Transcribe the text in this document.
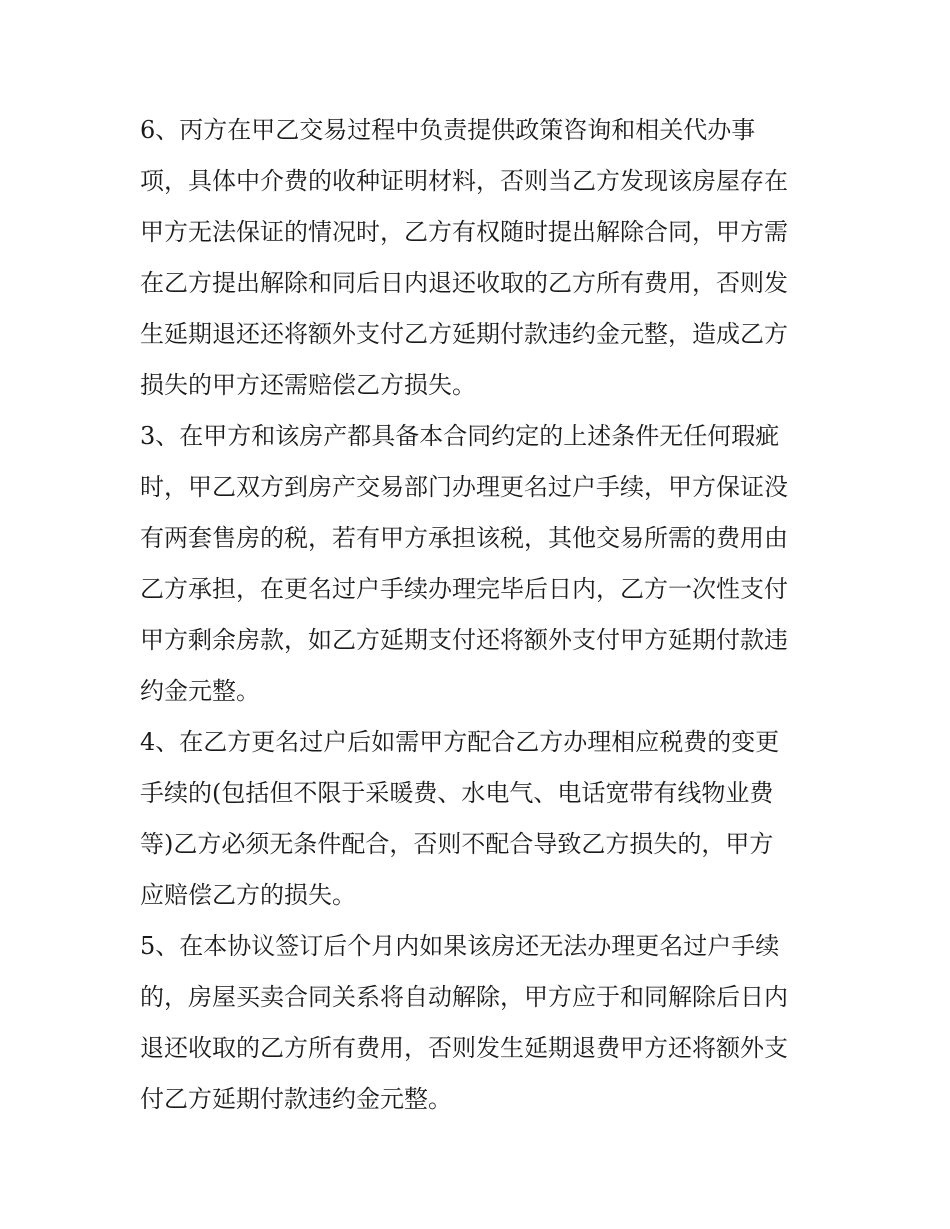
6、丙方在甲乙交易过程中负责提供政策咨询和相关代办事
项，具体中介费的收种证明材料，否则当乙方发现该房屋存在
甲方无法保证的情况时，乙方有权随时提出解除合同，甲方需
在乙方提出解除和同后日内退还收取的乙方所有费用，否则发
生延期退还还将额外支付乙方延期付款违约金元整，造成乙方
损失的甲方还需赔偿乙方损失。
3、在甲方和该房产都具备本合同约定的上述条件无任何瑕疵
时，甲乙双方到房产交易部门办理更名过户手续，甲方保证没
有两套售房的税，若有甲方承担该税，其他交易所需的费用由
乙方承担，在更名过户手续办理完毕后日内，乙方一次性支付
甲方剩余房款，如乙方延期支付还将额外支付甲方延期付款违
约金元整。
4、在乙方更名过户后如需甲方配合乙方办理相应税费的变更
手续的(包括但不限于采暖费、水电气、电话宽带有线物业费
等)乙方必须无条件配合，否则不配合导致乙方损失的，甲方
应赔偿乙方的损失。
5、在本协议签订后个月内如果该房还无法办理更名过户手续
的，房屋买卖合同关系将自动解除，甲方应于和同解除后日内
退还收取的乙方所有费用，否则发生延期退费甲方还将额外支
付乙方延期付款违约金元整。
